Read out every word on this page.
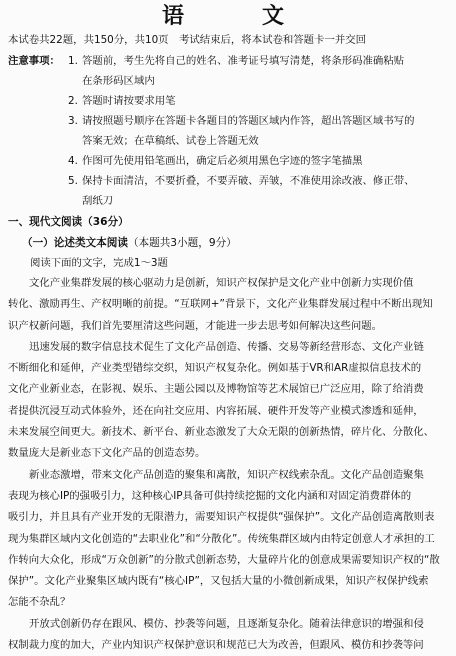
语　文
本试卷共22题，共150分，共10页　考试结束后，将本试卷和答题卡一并交回
注意事项： 1. 答题前，考生先将自己的姓名、准考证号填写清楚，将条形码准确粘贴
在条形码区域内
2. 答题时请按要求用笔
3. 请按照题号顺序在答题卡各题目的答题区域内作答，超出答题区域书写的
答案无效；在草稿纸、试卷上答题无效
4. 作图可先使用铅笔画出，确定后必须用黑色字迹的签字笔描黑
5. 保持卡面清洁，不要折叠，不要弄破、弄皱，不准使用涂改液、修正带、
刮纸刀
一、现代文阅读（36分）
（一）论述类文本阅读（本题共3小题，9分）
阅读下面的文字，完成1～3题
文化产业集群发展的核心驱动力是创新，知识产权保护是文化产业中创新力实现价值
转化、激励再生、产权明晰的前提。“互联网+”背景下，文化产业集群发展过程中不断出现知
识产权新问题，我们首先要厘清这些问题，才能进一步去思考如何解决这些问题。
迅速发展的数字信息技术促生了文化产品创造、传播、交易等新经营形态、文化产业链
不断细化和延伸，产业类型错综交织，知识产权复杂化。例如基于VR和AR虚拟信息技术的
文化产业新业态，在影视、娱乐、主题公园以及博物馆等艺术展馆已广泛应用，除了给消费
者提供沉浸互动式体验外，还在向社交应用、内容拓展、硬件开发等产业模式渗透和延伸，
未来发展空间更大。新技术、新平台、新业态激发了大众无限的创新热情，碎片化、分散化、
数量庞大是新业态下文化产品的创造态势。
新业态激增，带来文化产品创造的聚集和离散，知识产权线索杂乱。文化产品创造聚集
表现为核心IP的强吸引力，这种核心IP具备可供持续挖掘的文化内涵和对固定消费群体的
吸引力，并且具有产业开发的无限潜力，需要知识产权提供“强保护”。文化产品创造离散则表
现为集群区域内文化创造的“去职业化”和“分散化”。传统集群区域内由特定创意人才承担的工
作转向大众化，形成“万众创新”的分散式创新态势，大量碎片化的创意成果需要知识产权的“散
保护”。文化产业聚集区域内既有“核心IP”，又包括大量的小微创新成果，知识产权保护线索
怎能不杂乱？
开放式创新仍存在跟风、模仿、抄袭等问题，且逐渐复杂化。随着法律意识的增强和侵
权制裁力度的加大，产业内知识产权保护意识和规范已大为改善，但跟风、模仿和抄袭等问
